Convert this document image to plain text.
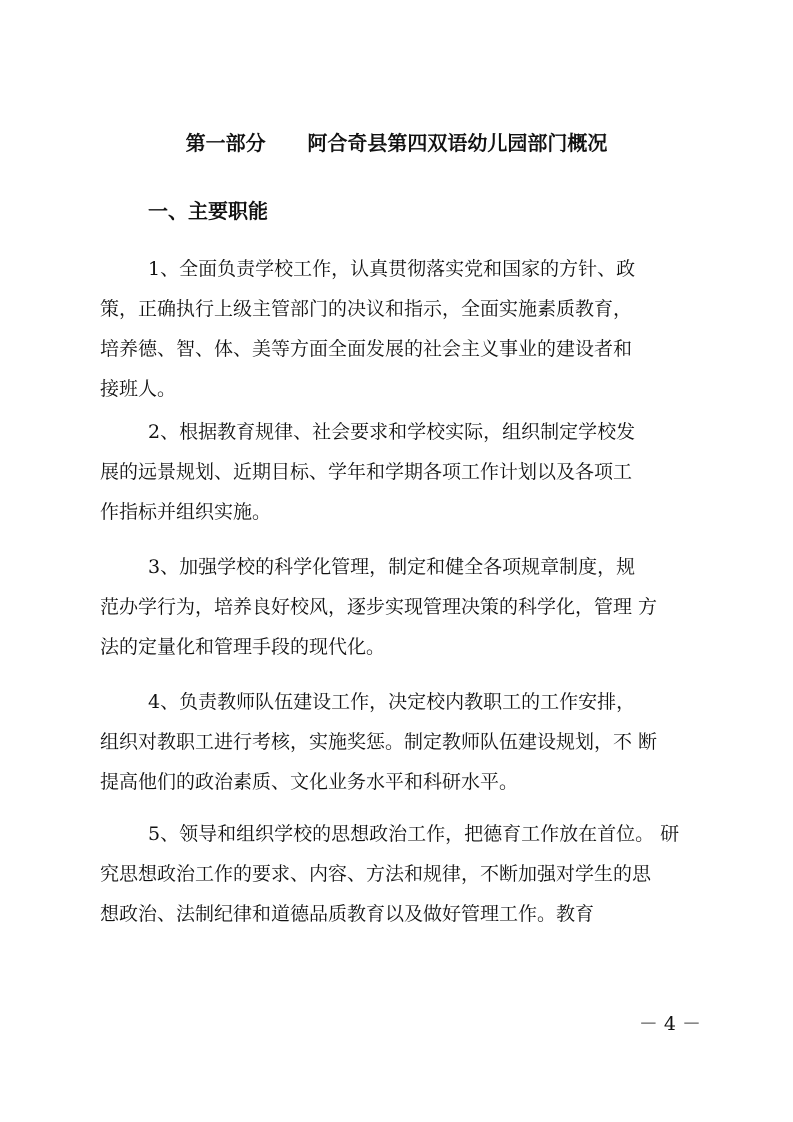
第一部分      阿合奇县第四双语幼儿园部门概况
一、主要职能
1、全面负责学校工作，认真贯彻落实党和国家的方针、政
策，正确执行上级主管部门的决议和指示，全面实施素质教育，
培养德、智、体、美等方面全面发展的社会主义事业的建设者和
接班人。
2、根据教育规律、社会要求和学校实际，组织制定学校发
展的远景规划、近期目标、学年和学期各项工作计划以及各项工
作指标并组织实施。
3、加强学校的科学化管理，制定和健全各项规章制度，规
范办学行为，培养良好校风，逐步实现管理决策的科学化，管理 方
法的定量化和管理手段的现代化。
4、负责教师队伍建设工作，决定校内教职工的工作安排，
组织对教职工进行考核，实施奖惩。制定教师队伍建设规划，不 断
提高他们的政治素质、文化业务水平和科研水平。
5、领导和组织学校的思想政治工作，把德育工作放在首位。 研
究思想政治工作的要求、内容、方法和规律，不断加强对学生的思
想政治、法制纪律和道德品质教育以及做好管理工作。教育
－ 4 －
